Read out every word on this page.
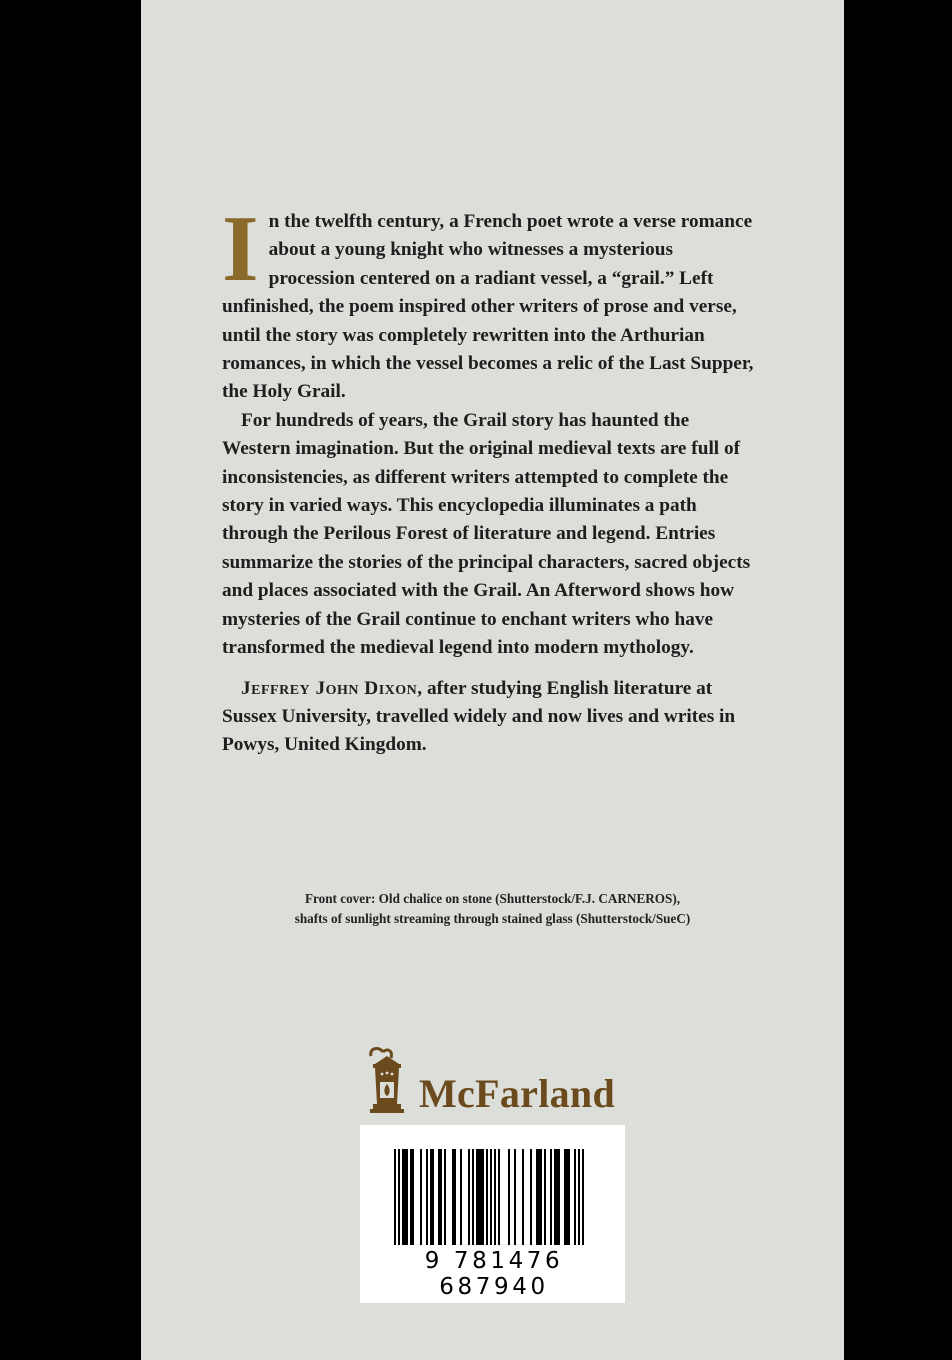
In the twelfth century, a French poet wrote a verse romance about a young knight who witnesses a mysterious procession centered on a radiant vessel, a “grail.” Left unfinished, the poem inspired other writers of prose and verse, until the story was completely rewritten into the Arthurian romances, in which the vessel becomes a relic of the Last Supper, the Holy Grail.

For hundreds of years, the Grail story has haunted the Western imagination. But the original medieval texts are full of inconsistencies, as different writers attempted to complete the story in varied ways. This encyclopedia illuminates a path through the Perilous Forest of literature and legend. Entries summarize the stories of the principal characters, sacred objects and places associated with the Grail. An Afterword shows how mysteries of the Grail continue to enchant writers who have transformed the medieval legend into modern mythology.

Jeffrey John Dixon, after studying English literature at Sussex University, travelled widely and now lives and writes in Powys, United Kingdom.

Front cover: Old chalice on stone (Shutterstock/F.J. CARNEROS),
shafts of sunlight streaming through stained glass (Shutterstock/SueC)
McFarland
9 781476 687940
